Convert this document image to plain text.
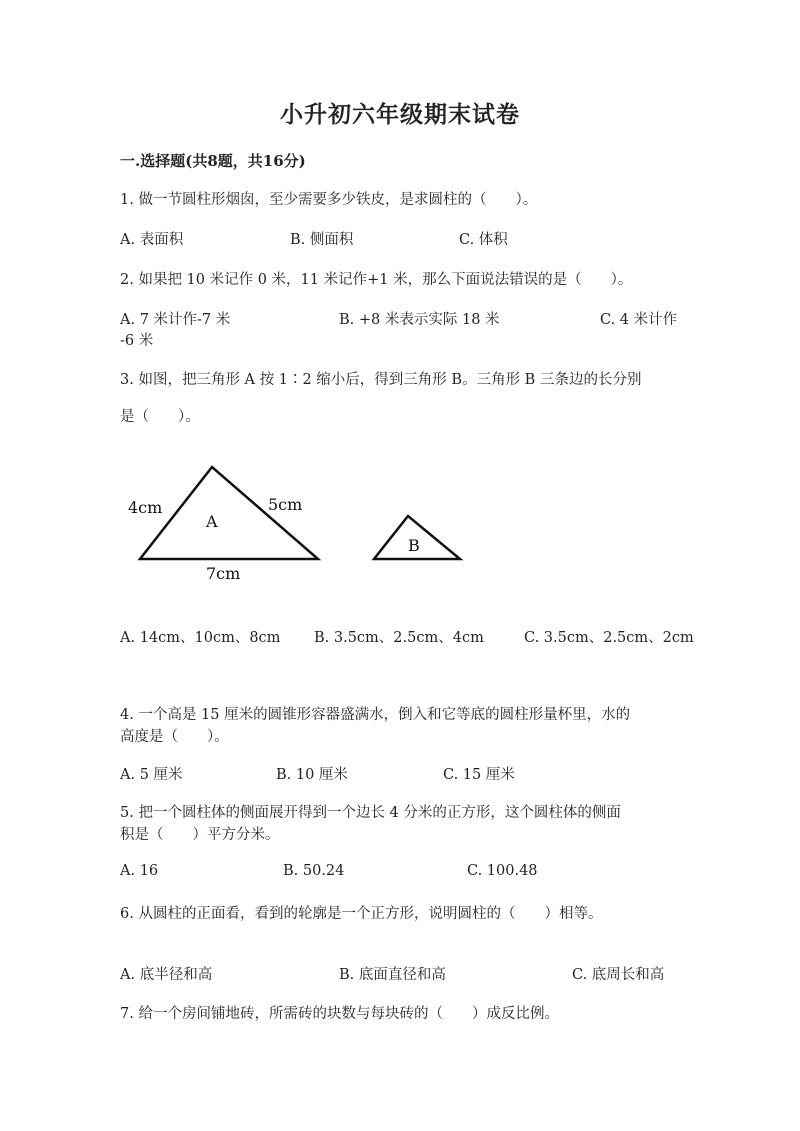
小升初六年级期末试卷
一.选择题(共8题，共16分)
1. 做一节圆柱形烟囱，至少需要多少铁皮，是求圆柱的（　　）。
A. 表面积	B. 侧面积	C. 体积
2. 如果把 10 米记作 0 米，11 米记作+1 米，那么下面说法错误的是（　　）。
A. 7 米计作-7 米	B. +8 米表示实际 18 米	C. 4 米计作
-6 米
3. 如图，把三角形 A 按 1∶2 缩小后，得到三角形 B。三角形 B 三条边的长分别
是（　　）。
4cm	5cm
7cm
A
B
A. 14cm、10cm、8cm B. 3.5cm、2.5cm、4cm	C. 3.5cm、2.5cm、2cm
4. 一个高是 15 厘米的圆锥形容器盛满水，倒入和它等底的圆柱形量杯里，水的
高度是（　　）。
A. 5 厘米	B. 10 厘米	C. 15 厘米
5. 把一个圆柱体的侧面展开得到一个边长 4 分米的正方形，这个圆柱体的侧面
积是（　　）平方分米。
A. 16	B. 50.24	C. 100.48
6. 从圆柱的正面看，看到的轮廓是一个正方形，说明圆柱的（　　）相等。
A. 底半径和高	B. 底面直径和高	C. 底周长和高
7. 给一个房间铺地砖，所需砖的块数与每块砖的（　　）成反比例。
